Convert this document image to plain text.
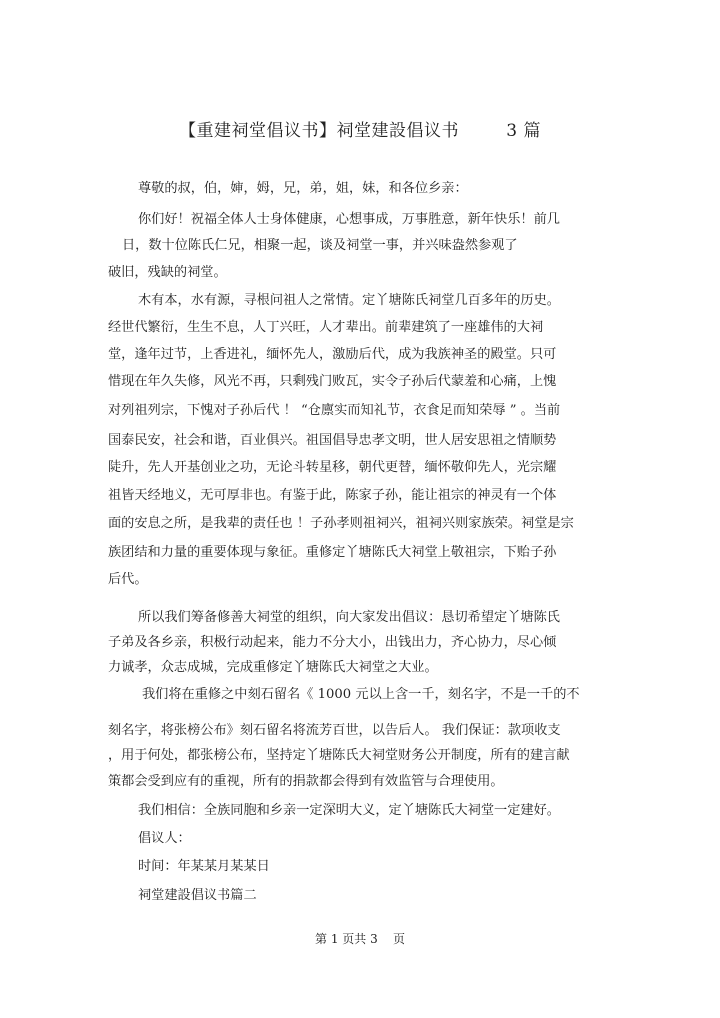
【重建祠堂倡议书】祠堂建設倡议书        3 篇
尊敬的叔，伯，婶，姆，兄，弟，姐，妹，和各位乡亲：
你们好！祝福全体人士身体健康，心想事成，万事胜意，新年快乐！前几
日，数十位陈氏仁兄，相聚一起，谈及祠堂一事，并兴味盎然参观了
破旧，残缺的祠堂。
木有本，水有源，寻根问祖人之常情。定丫塘陈氏祠堂几百多年的历史。
经世代繁衍，生生不息，人丁兴旺，人才辈出。前辈建筑了一座雄伟的大祠
堂，逢年过节，上香进礼，缅怀先人，激励后代，成为我族神圣的殿堂。只可
惜现在年久失修，风光不再，只剩残门败瓦，实令子孙后代蒙羞和心痛，上愧
对列祖列宗，下愧对子孙后代 ！ “仓廪实而知礼节，衣食足而知荣辱 ” 。当前
国泰民安，社会和谐，百业俱兴。祖国倡导忠孝文明，世人居安思祖之情顺势
陡升，先人开基创业之功，无论斗转星移，朝代更替，缅怀敬仰先人，光宗耀
祖皆天经地义，无可厚非也。有鉴于此，陈家子孙，能让祖宗的神灵有一个体
面的安息之所，是我辈的责任也 ！子孙孝则祖祠兴，祖祠兴则家族荣。祠堂是宗
族团结和力量的重要体现与象征。重修定丫塘陈氏大祠堂上敬祖宗，下贻子孙
后代。
所以我们筹备修善大祠堂的组织，向大家发出倡议：恳切希望定丫塘陈氏
子弟及各乡亲，积极行动起来，能力不分大小，出钱出力，齐心协力，尽心倾
力诚孝，众志成城，完成重修定丫塘陈氏大祠堂之大业。
我们将在重修之中刻石留名《 1000 元以上含一千，刻名字，不是一千的不
刻名字，将张榜公布》刻石留名将流芳百世，以告后人。 我们保证：款项收支
，用于何处，都张榜公布，坚持定丫塘陈氏大祠堂财务公开制度，所有的建言献
策都会受到应有的重视，所有的捐款都会得到有效监管与合理使用。
我们相信：全族同胞和乡亲一定深明大义，定丫塘陈氏大祠堂一定建好。
倡议人：
时间：年某某月某某日
祠堂建設倡议书篇二
第 1 页共 3    页
